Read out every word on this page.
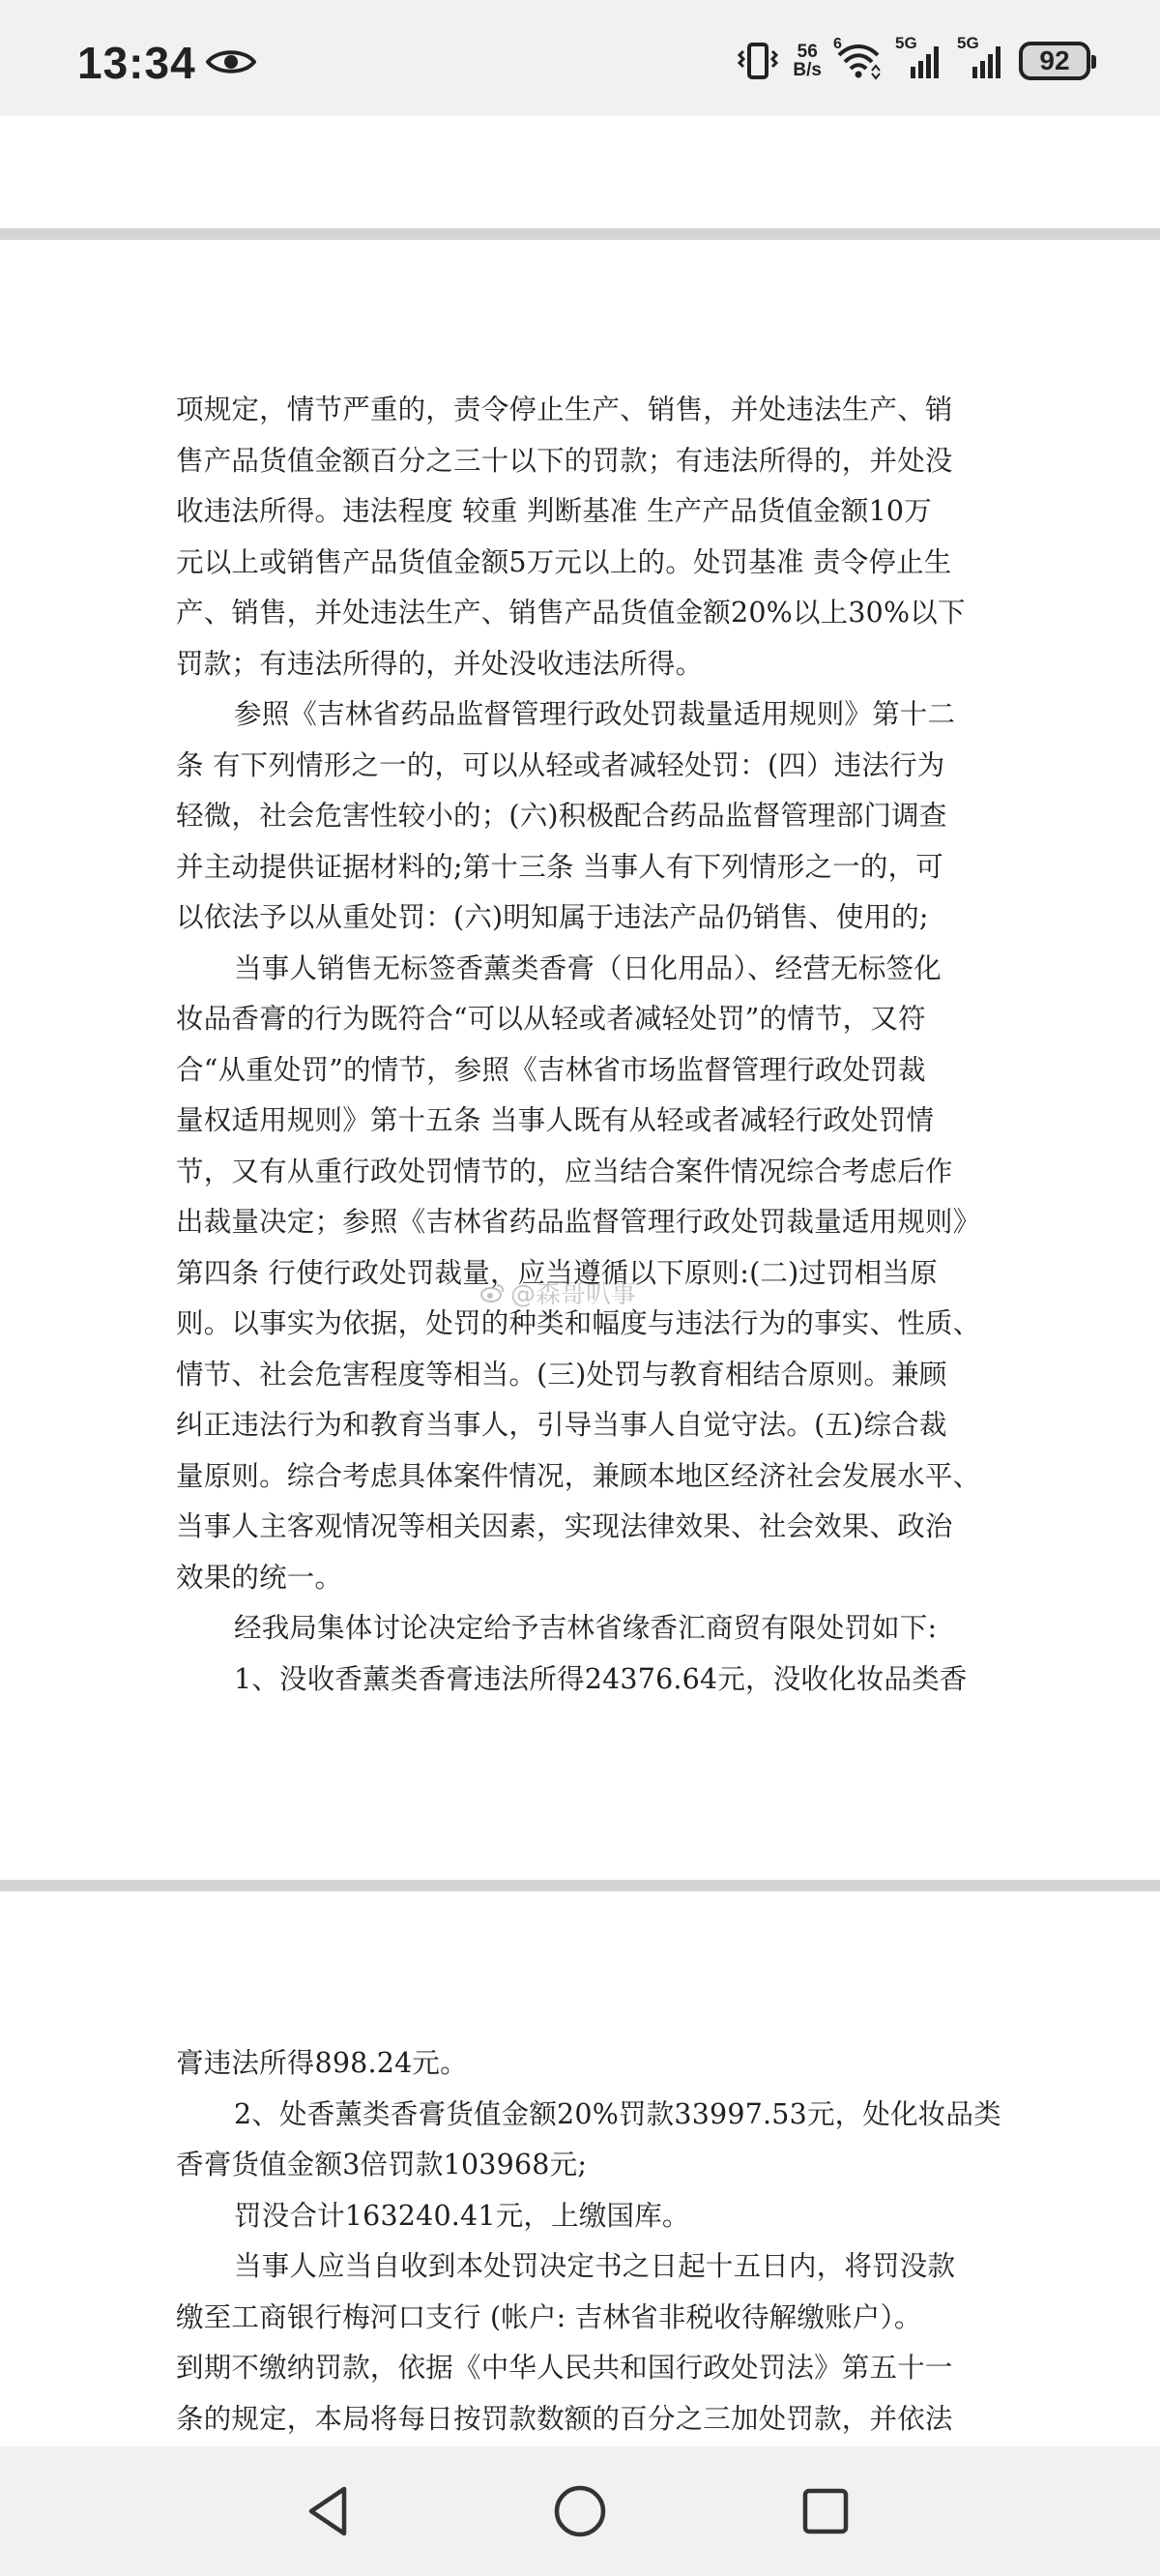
13:34	56
B/s
6	5G 5G
92
项规定，情节严重的，责令停止生产、销售，并处违法生产、销
售产品货值金额百分之三十以下的罚款；有违法所得的，并处没
收违法所得。违法程度 较重 判断基准 生产产品货值金额10万
元以上或销售产品货值金额5万元以上的。处罚基准 责令停止生
产、销售，并处违法生产、销售产品货值金额20%以上30%以下
罚款；有违法所得的，并处没收违法所得。
参照《吉林省药品监督管理行政处罚裁量适用规则》第十二
条 有下列情形之一的，可以从轻或者减轻处罚：(四）违法行为
轻微，社会危害性较小的；(六)积极配合药品监督管理部门调查
并主动提供证据材料的;第十三条 当事人有下列情形之一的，可
以依法予以从重处罚：(六)明知属于违法产品仍销售、使用的;
当事人销售无标签香薰类香膏（日化用品）、经营无标签化
妆品香膏的行为既符合“可以从轻或者减轻处罚”的情节，又符
合“从重处罚”的情节，参照《吉林省市场监督管理行政处罚裁
量权适用规则》第十五条 当事人既有从轻或者减轻行政处罚情
节，又有从重行政处罚情节的，应当结合案件情况综合考虑后作
出裁量决定；参照《吉林省药品监督管理行政处罚裁量适用规则》
第四条 行使行政处罚裁量，应当遵循以下原则:(二)过罚相当原
则。以事实为依据，处罚的种类和幅度与违法行为的事实、性质、
情节、社会危害程度等相当。(三)处罚与教育相结合原则。兼顾
纠正违法行为和教育当事人，引导当事人自觉守法。(五)综合裁
量原则。综合考虑具体案件情况，兼顾本地区经济社会发展水平、
当事人主客观情况等相关因素，实现法律效果、社会效果、政治
效果的统一。
经我局集体讨论决定给予吉林省缘香汇商贸有限处罚如下:
1、没收香薰类香膏违法所得24376.64元，没收化妆品类香
@森哥叭事
膏违法所得898.24元。
2、处香薰类香膏货值金额20%罚款33997.53元，处化妆品类
香膏货值金额3倍罚款103968元;
罚没合计163240.41元，上缴国库。
当事人应当自收到本处罚决定书之日起十五日内，将罚没款
缴至工商银行梅河口支行 (帐户: 吉林省非税收待解缴账户）。
到期不缴纳罚款，依据《中华人民共和国行政处罚法》第五十一
条的规定，本局将每日按罚款数额的百分之三加处罚款，并依法
